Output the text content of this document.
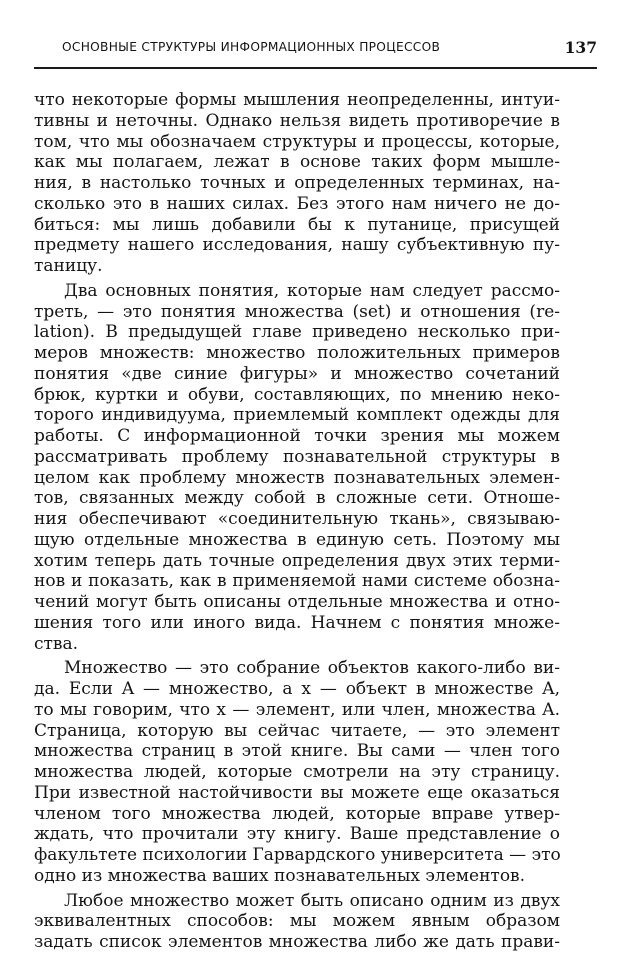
ОСНОВНЫЕ СТРУКТУРЫ ИНФОРМАЦИОННЫХ ПРОЦЕССОВ	137
что некоторые формы мышления неопределенны, интуи-
тивны и неточны. Однако нельзя видеть противоречие в
том, что мы обозначаем структуры и процессы, которые,
как мы полагаем, лежат в основе таких форм мышле-
ния, в настолько точных и определенных терминах, на-
сколько это в наших силах. Без этого нам ничего не до-
биться: мы лишь добавили бы к путанице, присущей
предмету нашего исследования, нашу субъективную пу-
таницу.
Два основных понятия, которые нам следует рассмо-
треть, — это понятия множества (set) и отношения (re-
lation). В предыдущей главе приведено несколько при-
меров множеств: множество положительных примеров
понятия «две синие фигуры» и множество сочетаний
брюк, куртки и обуви, составляющих, по мнению неко-
торого индивидуума, приемлемый комплект одежды для
работы. С информационной точки зрения мы можем
рассматривать проблему познавательной структуры в
целом как проблему множеств познавательных элемен-
тов, связанных между собой в сложные сети. Отноше-
ния обеспечивают «соединительную ткань», связываю-
щую отдельные множества в единую сеть. Поэтому мы
хотим теперь дать точные определения двух этих терми-
нов и показать, как в применяемой нами системе обозна-
чений могут быть описаны отдельные множества и отно-
шения того или иного вида. Начнем с понятия множе-
ства.
Множество — это собрание объектов какого-либо ви-
да. Если A — множество, а x — объект в множестве A,
то мы говорим, что x — элемент, или член, множества A.
Страница, которую вы сейчас читаете, — это элемент
множества страниц в этой книге. Вы сами — член того
множества людей, которые смотрели на эту страницу.
При известной настойчивости вы можете еще оказаться
членом того множества людей, которые вправе утвер-
ждать, что прочитали эту книгу. Ваше представление о
факультете психологии Гарвардского университета — это
одно из множества ваших познавательных элементов.
Любое множество может быть описано одним из двух
эквивалентных способов: мы можем явным образом
задать список элементов множества либо же дать прави-
